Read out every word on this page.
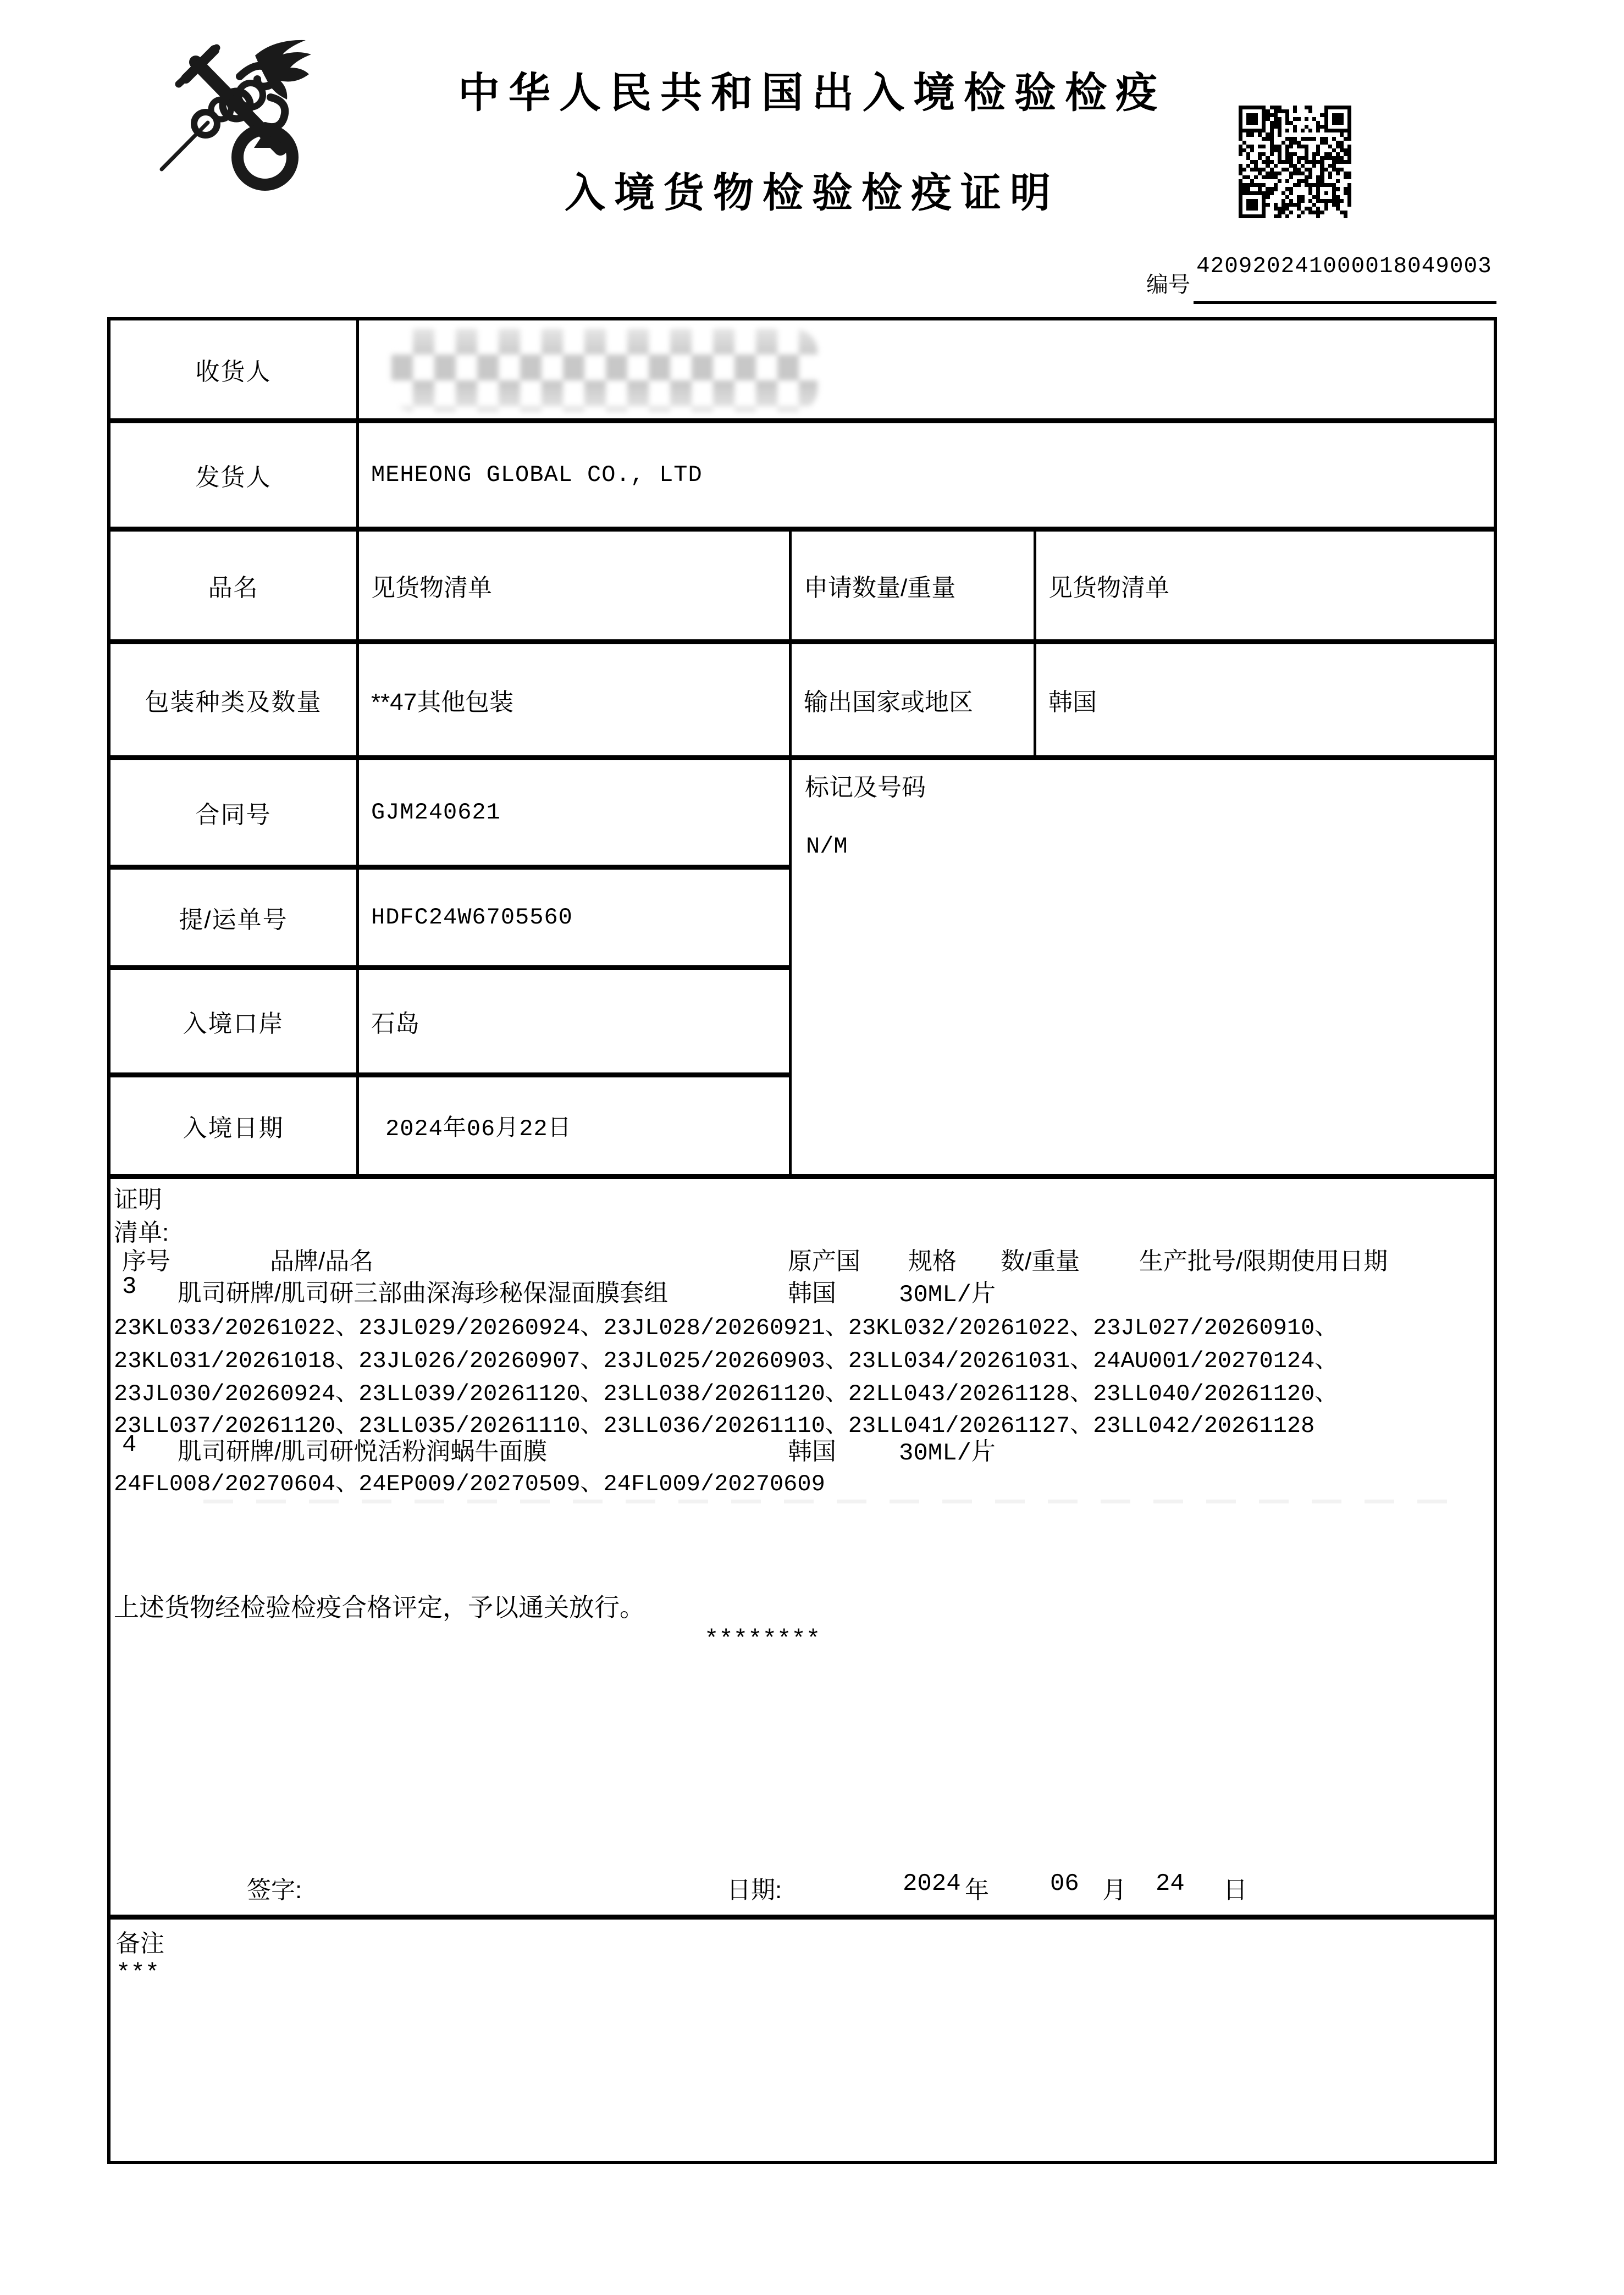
中华人民共和国出入境检验检疫
入境货物检验检疫证明
编号
420920241000018049003
收货人
发货人	MEHEONG GLOBAL CO., LTD
品名	见货物清单	申请数量/重量	见货物清单
包装种类及数量	**47其他包装	输出国家或地区	韩国
合同号	GJM240621
提/运单号	HDFC24W6705560
入境口岸	石岛
入境日期	2024年06月22日
标记及号码
N/M
证明
清单:
序号	品牌/品名	原产国 规格 数/重量 生产批号/限期使用日期
3 肌司研牌/肌司研三部曲深海珍秘保湿面膜套组	韩国	30ML/片
23KL033/20261022、23JL029/20260924、23JL028/20260921、23KL032/20261022、23JL027/20260910、
23KL031/20261018、23JL026/20260907、23JL025/20260903、23LL034/20261031、24AU001/20270124、
23JL030/20260924、23LL039/20261120、23LL038/20261120、22LL043/20261128、23LL040/20261120、
23LL037/20261120、23LL035/20261110、23LL036/20261110、23LL041/20261127、23LL042/20261128
4 肌司研牌/肌司研悦活粉润蜗牛面膜	韩国	30ML/片
24FL008/20270604、24EP009/20270509、24FL009/20270609
上述货物经检验检疫合格评定，予以通关放行。
********
签字:	日期:	2024 年	06 月 24 日
备注
***
